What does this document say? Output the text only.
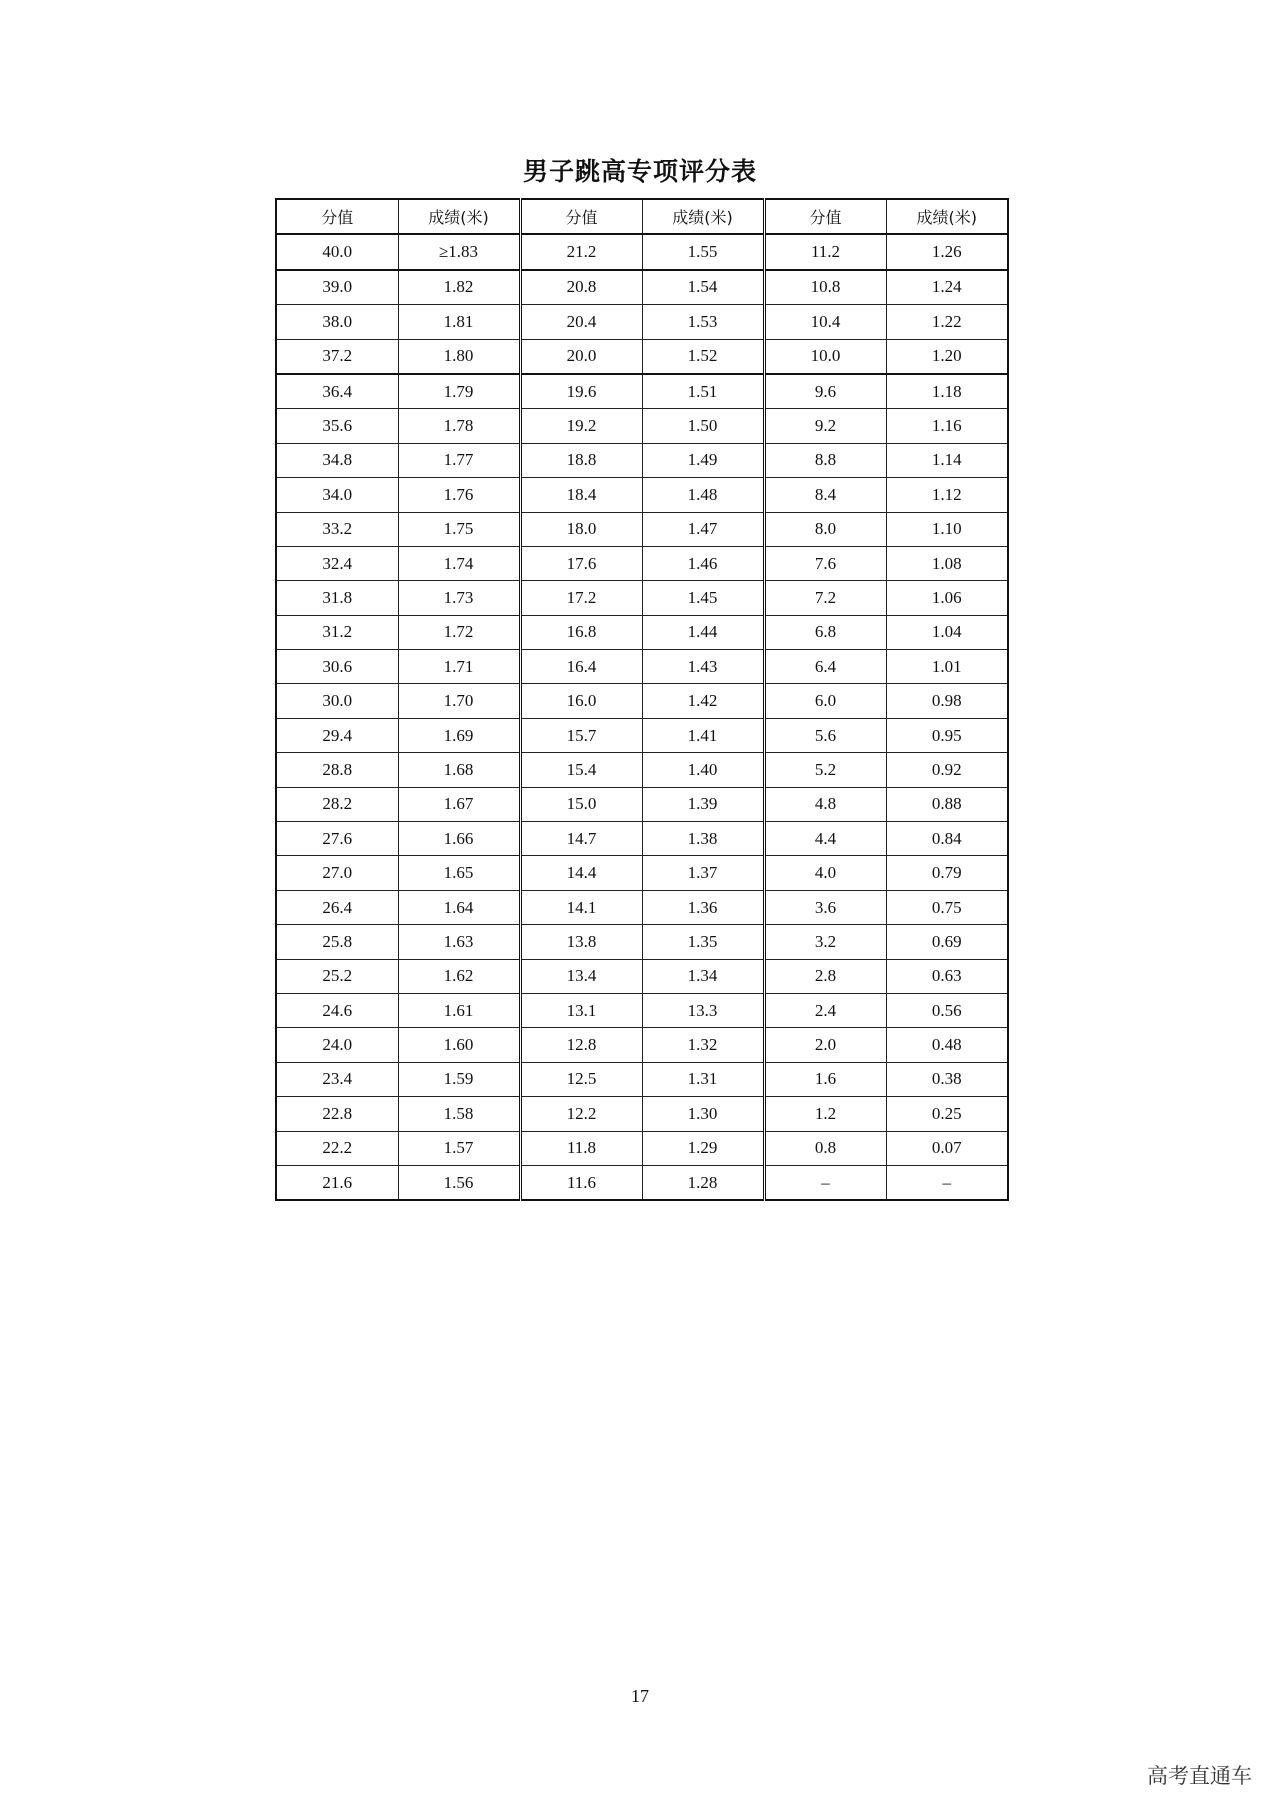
男子跳高专项评分表
分值	成绩(米)	分值	成绩(米)	分值	成绩(米)
40.0	≥1.83	21.2	1.55	11.2	1.26
39.0	1.82	20.8	1.54	10.8	1.24
38.0	1.81	20.4	1.53	10.4	1.22
37.2	1.80	20.0	1.52	10.0	1.20
36.4	1.79	19.6	1.51	9.6	1.18
35.6	1.78	19.2	1.50	9.2	1.16
34.8	1.77	18.8	1.49	8.8	1.14
34.0	1.76	18.4	1.48	8.4	1.12
33.2	1.75	18.0	1.47	8.0	1.10
32.4	1.74	17.6	1.46	7.6	1.08
31.8	1.73	17.2	1.45	7.2	1.06
31.2	1.72	16.8	1.44	6.8	1.04
30.6	1.71	16.4	1.43	6.4	1.01
30.0	1.70	16.0	1.42	6.0	0.98
29.4	1.69	15.7	1.41	5.6	0.95
28.8	1.68	15.4	1.40	5.2	0.92
28.2	1.67	15.0	1.39	4.8	0.88
27.6	1.66	14.7	1.38	4.4	0.84
27.0	1.65	14.4	1.37	4.0	0.79
26.4	1.64	14.1	1.36	3.6	0.75
25.8	1.63	13.8	1.35	3.2	0.69
25.2	1.62	13.4	1.34	2.8	0.63
24.6	1.61	13.1	13.3	2.4	0.56
24.0	1.60	12.8	1.32	2.0	0.48
23.4	1.59	12.5	1.31	1.6	0.38
22.8	1.58	12.2	1.30	1.2	0.25
22.2	1.57	11.8	1.29	0.8	0.07
21.6	1.56	11.6	1.28	–	–
17
高考直通车
